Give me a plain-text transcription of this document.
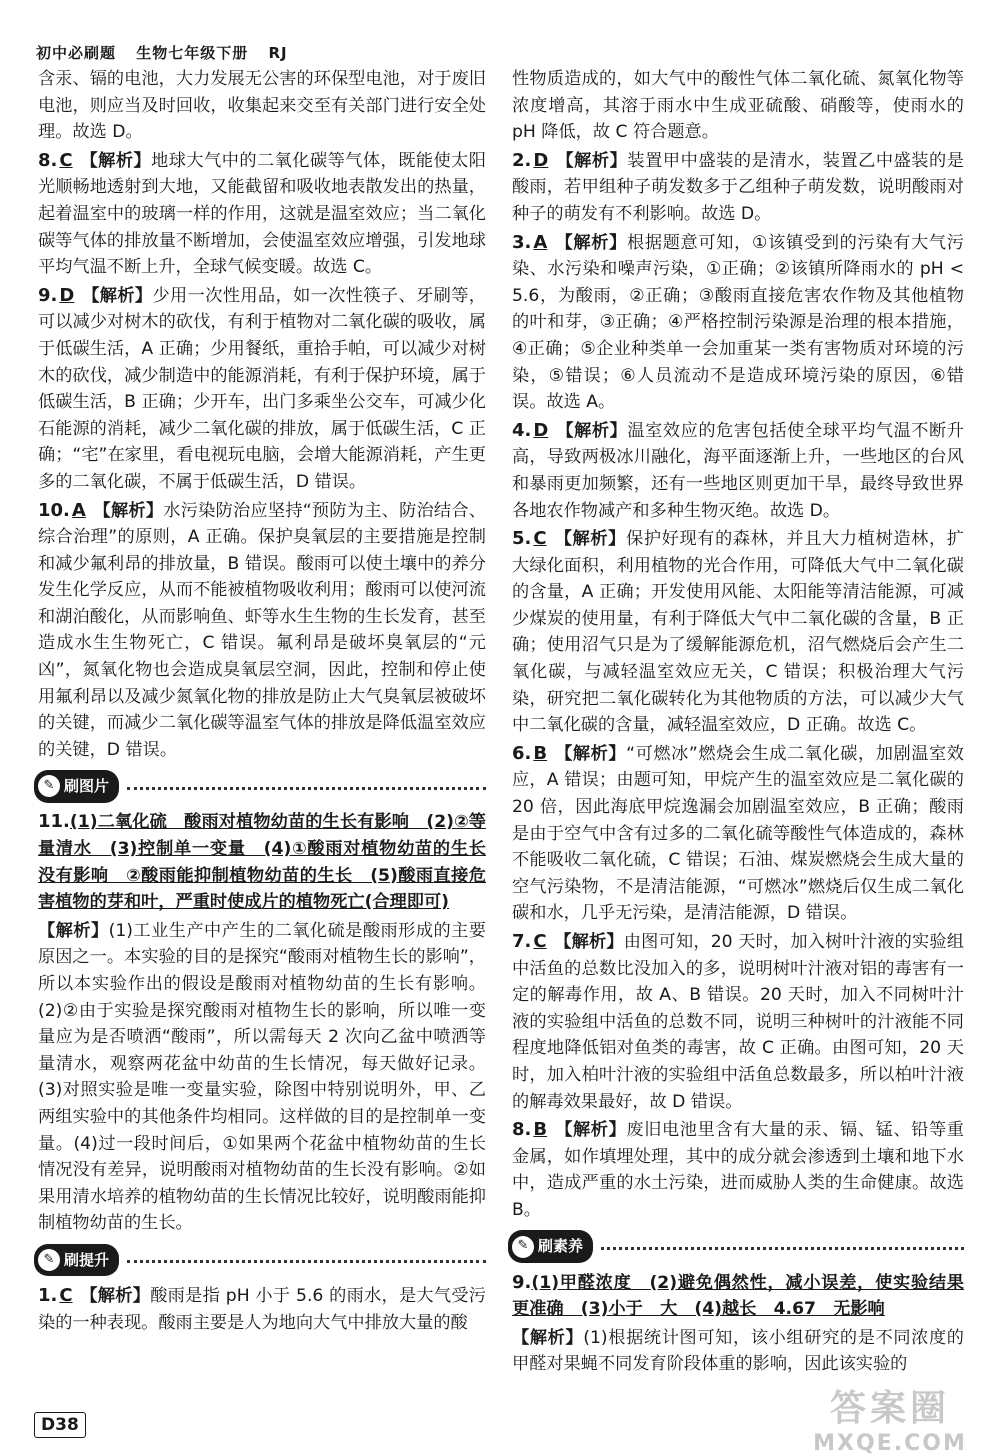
初中必刷题 生物七年级下册 RJ

含汞、镉的电池，大力发展无公害的环保型电池，对于废旧电池，则应当及时回收，收集起来交至有关部门进行安全处理。故选 D。

8. C 【解析】地球大气中的二氧化碳等气体，既能使太阳光顺畅地透射到大地，又能截留和吸收地表散发出的热量，起着温室中的玻璃一样的作用，这就是温室效应；当二氧化碳等气体的排放量不断增加，会使温室效应增强，引发地球平均气温不断上升，全球气候变暖。故选 C。

9. D 【解析】少用一次性用品，如一次性筷子、牙刷等，可以减少对树木的砍伐，有利于植物对二氧化碳的吸收，属于低碳生活，A 正确；少用餐纸，重拾手帕，可以减少对树木的砍伐，减少制造中的能源消耗，有利于保护环境，属于低碳生活，B 正确；少开车，出门多乘坐公交车，可减少化石能源的消耗，减少二氧化碳的排放，属于低碳生活，C 正确；“宅”在家里，看电视玩电脑，会增大能源消耗，产生更多的二氧化碳，不属于低碳生活，D 错误。

10. A 【解析】水污染防治应坚持“预防为主、防治结合、综合治理”的原则，A 正确。保护臭氧层的主要措施是控制和减少氟利昂的排放量，B 错误。酸雨可以使土壤中的养分发生化学反应，从而不能被植物吸收利用；酸雨可以使河流和湖泊酸化，从而影响鱼、虾等水生生物的生长发育，甚至造成水生生物死亡，C 错误。氟利昂是破坏臭氧层的“元凶”，氮氧化物也会造成臭氧层空洞，因此，控制和停止使用氟利昂以及减少氮氧化物的排放是防止大气臭氧层被破坏的关键，而减少二氧化碳等温室气体的排放是降低温室效应的关键，D 错误。

✎ 刷图片

11.(1)二氧化硫　酸雨对植物幼苗的生长有影响　(2)②等量清水　(3)控制单一变量　(4)①酸雨对植物幼苗的生长没有影响　②酸雨能抑制植物幼苗的生长　(5)酸雨直接危害植物的芽和叶，严重时使成片的植物死亡(合理即可)

【解析】(1)工业生产中产生的二氧化硫是酸雨形成的主要原因之一。本实验的目的是探究“酸雨对植物生长的影响”，所以本实验作出的假设是酸雨对植物幼苗的生长有影响。(2)②由于实验是探究酸雨对植物生长的影响，所以唯一变量应为是否喷洒“酸雨”，所以需每天 2 次向乙盆中喷洒等量清水，观察两花盆中幼苗的生长情况，每天做好记录。(3)对照实验是唯一变量实验，除图中特别说明外，甲、乙两组实验中的其他条件均相同。这样做的目的是控制单一变量。(4)过一段时间后，①如果两个花盆中植物幼苗的生长情况没有差异，说明酸雨对植物幼苗的生长没有影响。②如果用清水培养的植物幼苗的生长情况比较好，说明酸雨能抑制植物幼苗的生长。

✎ 刷提升

1. C 【解析】酸雨是指 pH 小于 5.6 的雨水，是大气受污染的一种表现。酸雨主要是人为地向大气中排放大量的酸

性物质造成的，如大气中的酸性气体二氧化硫、氮氧化物等浓度增高，其溶于雨水中生成亚硫酸、硝酸等，使雨水的 pH 降低，故 C 符合题意。

2. D 【解析】装置甲中盛装的是清水，装置乙中盛装的是酸雨，若甲组种子萌发数多于乙组种子萌发数，说明酸雨对种子的萌发有不利影响。故选 D。

3. A 【解析】根据题意可知，①该镇受到的污染有大气污染、水污染和噪声污染，①正确；②该镇所降雨水的 pH < 5.6，为酸雨，②正确；③酸雨直接危害农作物及其他植物的叶和芽，③正确；④严格控制污染源是治理的根本措施，④正确；⑤企业种类单一会加重某一类有害物质对环境的污染，⑤错误；⑥人员流动不是造成环境污染的原因，⑥错误。故选 A。

4. D 【解析】温室效应的危害包括使全球平均气温不断升高，导致两极冰川融化，海平面逐渐上升，一些地区的台风和暴雨更加频繁，还有一些地区则更加干旱，最终导致世界各地农作物减产和多种生物灭绝。故选 D。

5. C 【解析】保护好现有的森林，并且大力植树造林，扩大绿化面积，利用植物的光合作用，可降低大气中二氧化碳的含量，A 正确；开发使用风能、太阳能等清洁能源，可减少煤炭的使用量，有利于降低大气中二氧化碳的含量，B 正确；使用沼气只是为了缓解能源危机，沼气燃烧后会产生二氧化碳，与减轻温室效应无关，C 错误；积极治理大气污染，研究把二氧化碳转化为其他物质的方法，可以减少大气中二氧化碳的含量，减轻温室效应，D 正确。故选 C。

6. B 【解析】“可燃冰”燃烧会生成二氧化碳，加剧温室效应，A 错误；由题可知，甲烷产生的温室效应是二氧化碳的 20 倍，因此海底甲烷逸漏会加剧温室效应，B 正确；酸雨是由于空气中含有过多的二氧化硫等酸性气体造成的，森林不能吸收二氧化硫，C 错误；石油、煤炭燃烧会生成大量的空气污染物，不是清洁能源，“可燃冰”燃烧后仅生成二氧化碳和水，几乎无污染，是清洁能源，D 错误。

7. C 【解析】由图可知，20 天时，加入树叶汁液的实验组中活鱼的总数比没加入的多，说明树叶汁液对铝的毒害有一定的解毒作用，故 A、B 错误。20 天时，加入不同树叶汁液的实验组中活鱼的总数不同，说明三种树叶的汁液能不同程度地降低铝对鱼类的毒害，故 C 正确。由图可知，20 天时，加入柏叶汁液的实验组中活鱼总数最多，所以柏叶汁液的解毒效果最好，故 D 错误。

8. B 【解析】废旧电池里含有大量的汞、镉、锰、铅等重金属，如作填埋处理，其中的成分就会渗透到土壤和地下水中，造成严重的水土污染，进而威胁人类的生命健康。故选 B。

✎ 刷素养

9.(1)甲醛浓度　(2)避免偶然性，减小误差，使实验结果更准确　(3)小于　大　(4)越长　4.67　无影响

【解析】(1)根据统计图可知，该小组研究的是不同浓度的甲醛对果蝇不同发育阶段体重的影响，因此该实验的

D38	答案圈
MXQE.COM
